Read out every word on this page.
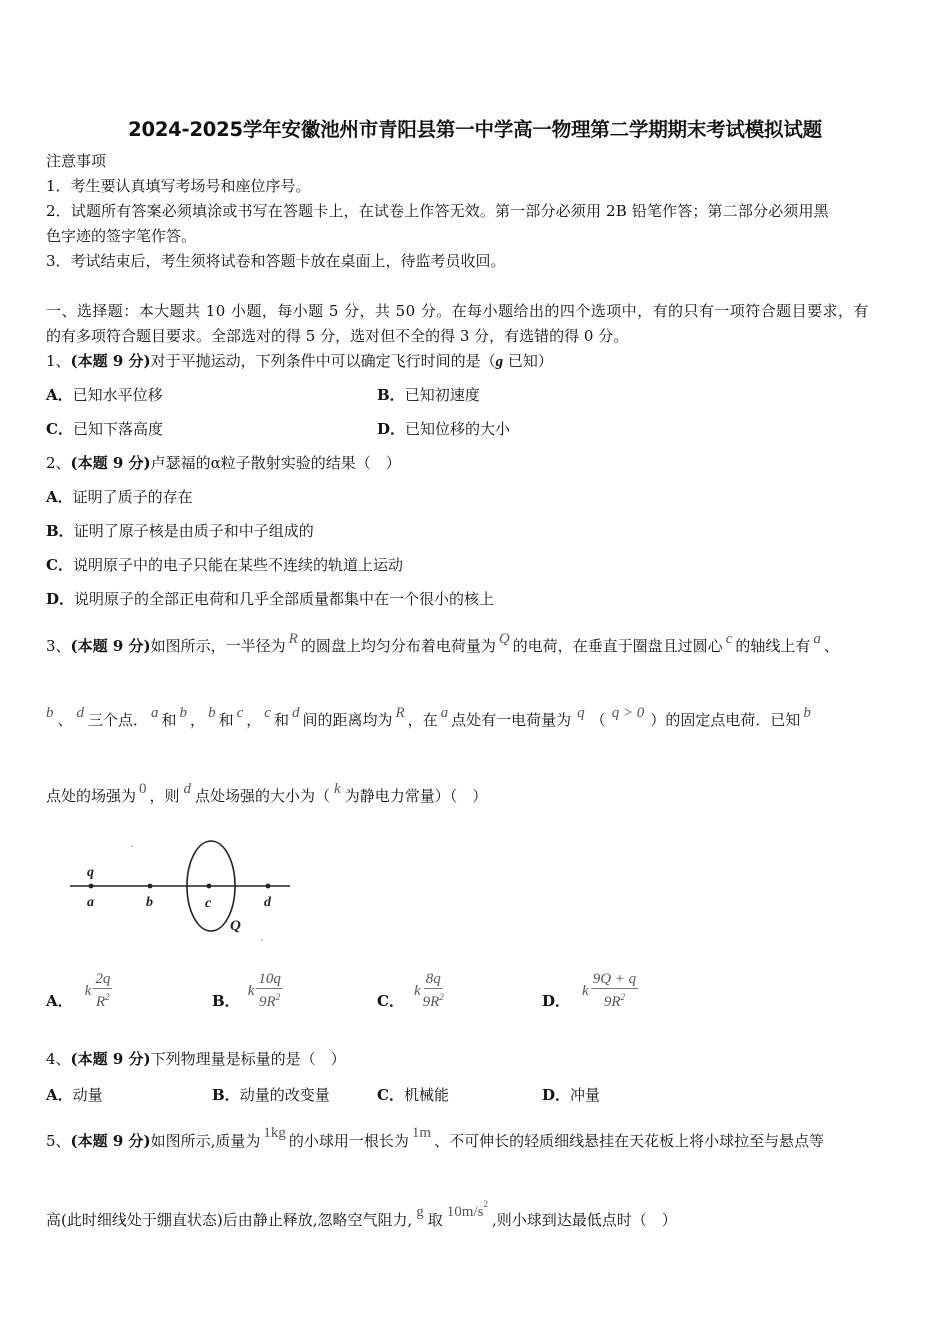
2024-2025学年安徽池州市青阳县第一中学高一物理第二学期期末考试模拟试题
注意事项
1．考生要认真填写考场号和座位序号。
2．试题所有答案必须填涂或书写在答题卡上，在试卷上作答无效。第一部分必须用 2B 铅笔作答；第二部分必须用黑
色字迹的签字笔作答。
3．考试结束后，考生须将试卷和答题卡放在桌面上，待监考员收回。
一、选择题：本大题共 10 小题，每小题 5 分，共 50 分。在每小题给出的四个选项中，有的只有一项符合题目要求，有
的有多项符合题目要求。全部选对的得 5 分，选对但不全的得 3 分，有选错的得 0 分。
1、(本题 9 分)对于平抛运动，下列条件中可以确定飞行时间的是（g 已知）
A．已知水平位移	B．已知初速度
C．已知下落高度	D．已知位移的大小
2、(本题 9 分)卢瑟福的α粒子散射实验的结果（　）
A．证明了质子的存在
B．证明了原子核是由质子和中子组成的
C．说明原子中的电子只能在某些不连续的轨道上运动
D．说明原子的全部正电荷和几乎全部质量都集中在一个很小的核上
3、(本题 9 分)如图所示，一半径为 R 的圆盘上均匀分布着电荷量为 Q 的电荷，在垂直于圈盘且过圆心 c 的轴线上有 a 、
b 、 d 三个点． a 和 b ， b 和 c ， c 和 d 间的距离均为 R ，在 a 点处有一电荷量为 q （ q > 0 ）的固定点电荷．已知 b
点处的场强为 0 ，则 d 点处场强的大小为（ k 为静电力常量）（　）
q
a	b	c	d
Q
A．
k $\frac{2q}{R^2}$	B．
k $\frac{10q}{9R^2}$	C．
k $\frac{8q}{9R^2}$	D．
k $\frac{9Q + q}{9R^2}$
4、(本题 9 分)下列物理量是标量的是（　）
A．动量	B．动量的改变量	C．机械能	D．冲量
5、(本题 9 分)如图所示,质量为 1kg 的小球用一根长为 1m 、不可伸长的轻质细线悬挂在天花板上将小球拉至与悬点等
高(此时细线处于绷直状态)后由静止释放,忽略空气阻力, g 取 $10m/s^2$,则小球到达最低点时（　）
